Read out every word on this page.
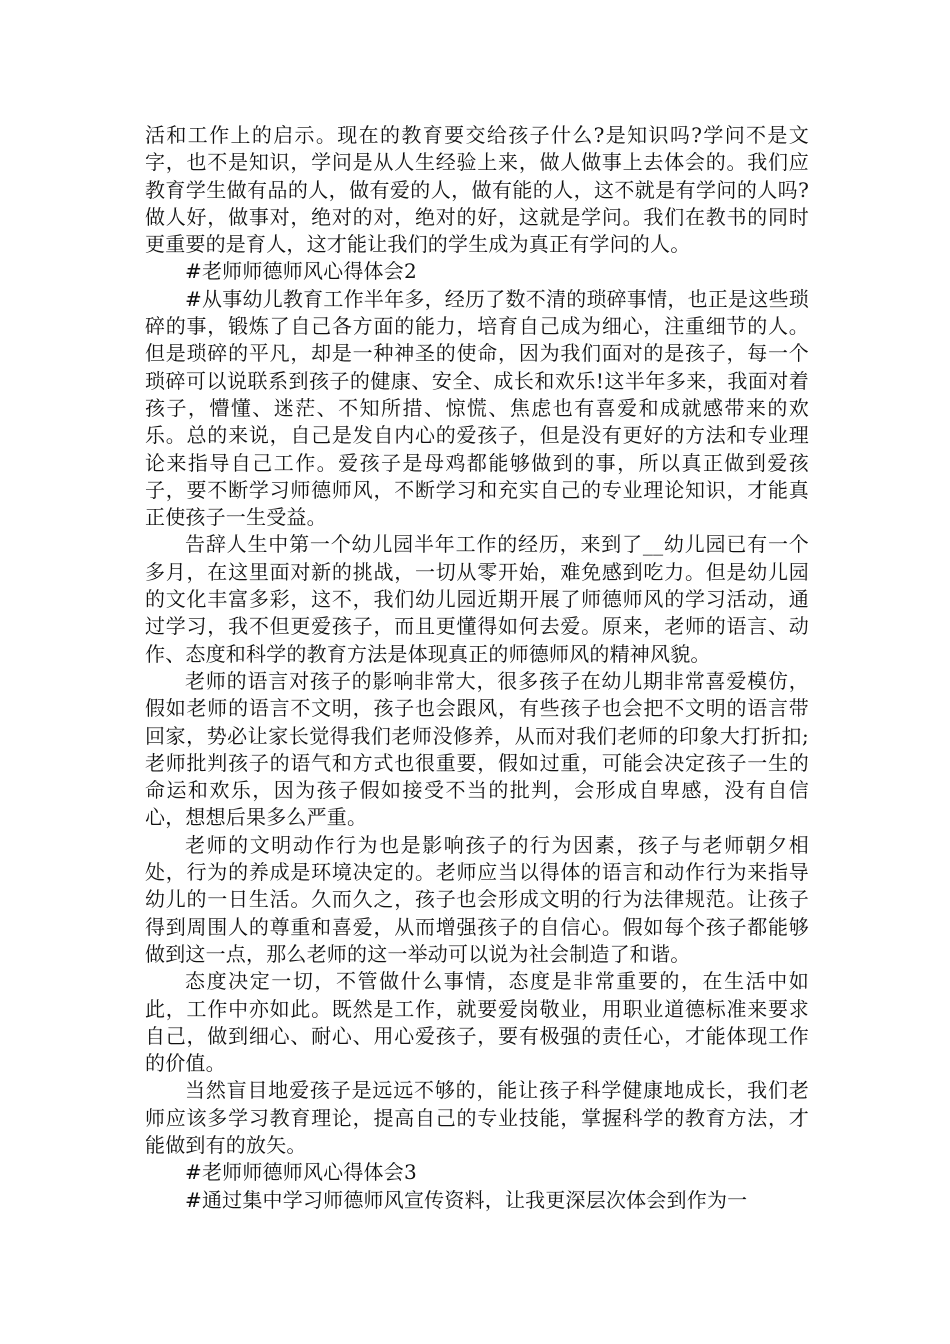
活和工作上的启示。现在的教育要交给孩子什么?是知识吗?学问不是文字，也不是知识，学问是从人生经验上来，做人做事上去体会的。我们应教育学生做有品的人，做有爱的人，做有能的人，这不就是有学问的人吗?做人好，做事对，绝对的对，绝对的好，这就是学问。我们在教书的同时更重要的是育人，这才能让我们的学生成为真正有学问的人。

#老师师德师风心得体会2

#从事幼儿教育工作半年多，经历了数不清的琐碎事情，也正是这些琐碎的事，锻炼了自己各方面的能力，培育自己成为细心，注重细节的人。但是琐碎的平凡，却是一种神圣的使命，因为我们面对的是孩子，每一个琐碎可以说联系到孩子的健康、安全、成长和欢乐!这半年多来，我面对着孩子，懵懂、迷茫、不知所措、惊慌、焦虑也有喜爱和成就感带来的欢乐。总的来说，自己是发自内心的爱孩子，但是没有更好的方法和专业理论来指导自己工作。爱孩子是母鸡都能够做到的事，所以真正做到爱孩子，要不断学习师德师风，不断学习和充实自己的专业理论知识，才能真正使孩子一生受益。

告辞人生中第一个幼儿园半年工作的经历，来到了__幼儿园已有一个多月，在这里面对新的挑战，一切从零开始，难免感到吃力。但是幼儿园的文化丰富多彩，这不，我们幼儿园近期开展了师德师风的学习活动，通过学习，我不但更爱孩子，而且更懂得如何去爱。原来，老师的语言、动作、态度和科学的教育方法是体现真正的师德师风的精神风貌。

老师的语言对孩子的影响非常大，很多孩子在幼儿期非常喜爱模仿，假如老师的语言不文明，孩子也会跟风，有些孩子也会把不文明的语言带回家，势必让家长觉得我们老师没修养，从而对我们老师的印象大打折扣;老师批判孩子的语气和方式也很重要，假如过重，可能会决定孩子一生的命运和欢乐，因为孩子假如接受不当的批判，会形成自卑感，没有自信心，想想后果多么严重。

老师的文明动作行为也是影响孩子的行为因素，孩子与老师朝夕相处，行为的养成是环境决定的。老师应当以得体的语言和动作行为来指导幼儿的一日生活。久而久之，孩子也会形成文明的行为法律规范。让孩子得到周围人的尊重和喜爱，从而增强孩子的自信心。假如每个孩子都能够做到这一点，那么老师的这一举动可以说为社会制造了和谐。

态度决定一切，不管做什么事情，态度是非常重要的，在生活中如此，工作中亦如此。既然是工作，就要爱岗敬业，用职业道德标准来要求自己，做到细心、耐心、用心爱孩子，要有极强的责任心，才能体现工作的价值。

当然盲目地爱孩子是远远不够的，能让孩子科学健康地成长，我们老师应该多学习教育理论，提高自己的专业技能，掌握科学的教育方法，才能做到有的放矢。

#老师师德师风心得体会3

#通过集中学习师德师风宣传资料，让我更深层次体会到作为一
